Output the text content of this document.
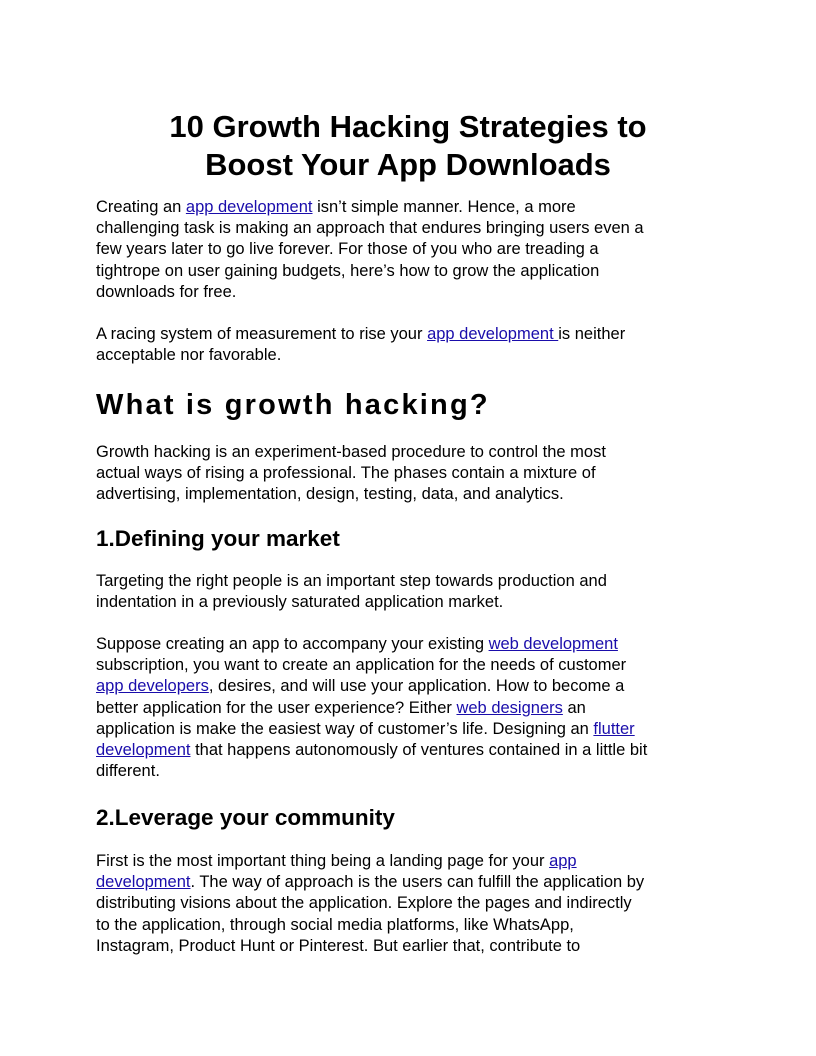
10 Growth Hacking Strategies to
Boost Your App Downloads

Creating an app development isn’t simple manner. Hence, a more
challenging task is making an approach that endures bringing users even a
few years later to go live forever. For those of you who are treading a
tightrope on user gaining budgets, here’s how to grow the application
downloads for free.

A racing system of measurement to rise your app development is neither
acceptable nor favorable.

What is growth hacking?

Growth hacking is an experiment-based procedure to control the most
actual ways of rising a professional. The phases contain a mixture of
advertising, implementation, design, testing, data, and analytics.

1.Defining your market

Targeting the right people is an important step towards production and
indentation in a previously saturated application market.

Suppose creating an app to accompany your existing web development
subscription, you want to create an application for the needs of customer
app developers, desires, and will use your application. How to become a
better application for the user experience? Either web designers an
application is make the easiest way of customer’s life. Designing an flutter
development that happens autonomously of ventures contained in a little bit
different.

2.Leverage your community

First is the most important thing being a landing page for your app
development. The way of approach is the users can fulfill the application by
distributing visions about the application. Explore the pages and indirectly
to the application, through social media platforms, like WhatsApp,
Instagram, Product Hunt or Pinterest. But earlier that, contribute to
